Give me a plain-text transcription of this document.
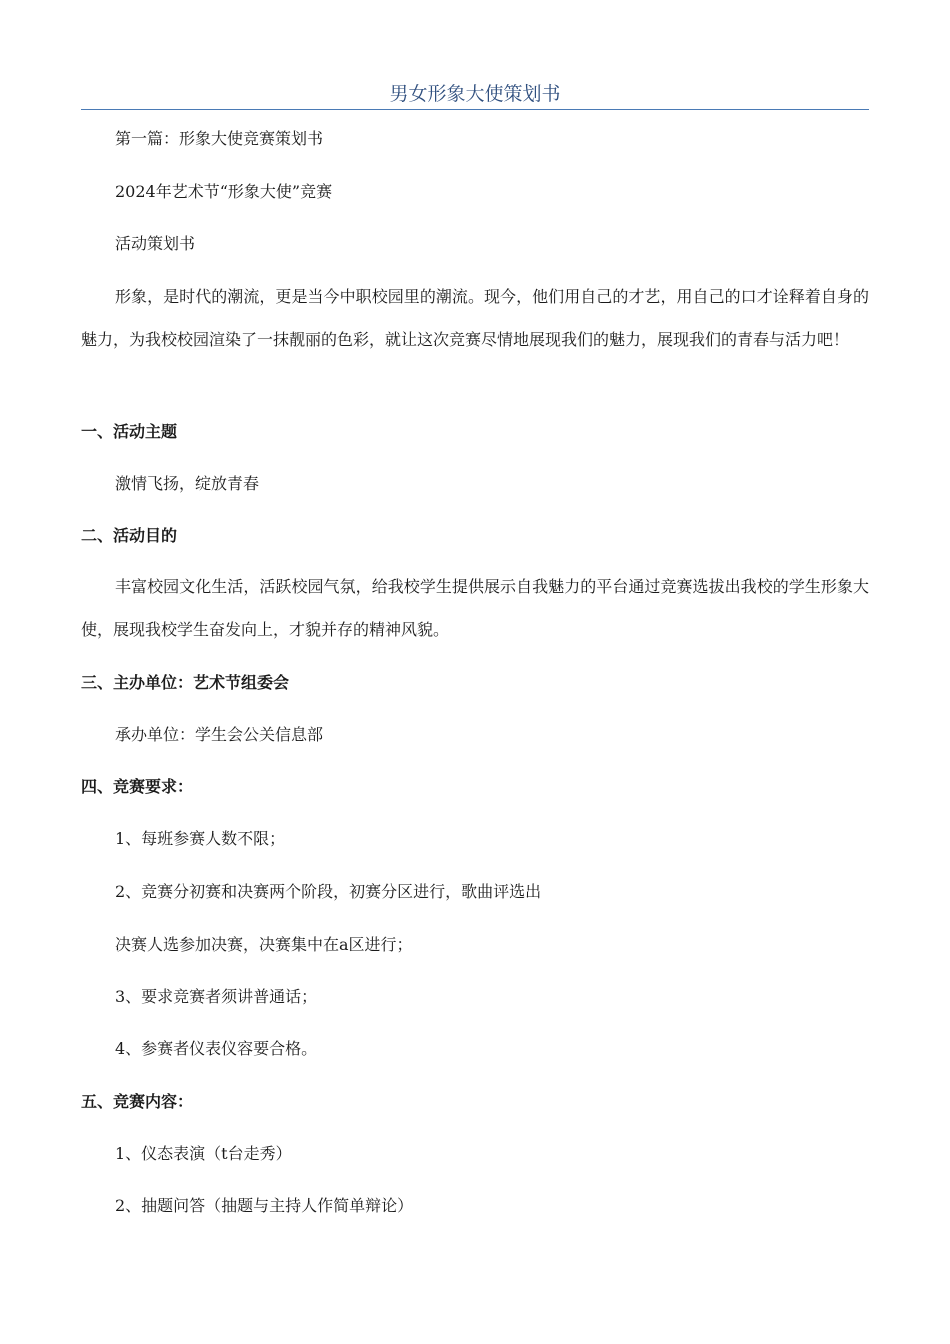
男女形象大使策划书
第一篇：形象大使竞赛策划书
2024年艺术节“形象大使”竞赛
活动策划书
形象，是时代的潮流，更是当今中职校园里的潮流。现今，他们用自己的才艺，用自己的口才诠释着自身的魅力，为我校校园渲染了一抹靓丽的色彩，就让这次竞赛尽情地展现我们的魅力，展现我们的青春与活力吧！
一、活动主题
激情飞扬，绽放青春
二、活动目的
丰富校园文化生活，活跃校园气氛，给我校学生提供展示自我魅力的平台通过竞赛选拔出我校的学生形象大使，展现我校学生奋发向上，才貌并存的精神风貌。
三、主办单位：艺术节组委会
承办单位：学生会公关信息部
四、竞赛要求：
1、每班参赛人数不限；
2、竞赛分初赛和决赛两个阶段，初赛分区进行，歌曲评选出
决赛人选参加决赛，决赛集中在a区进行；
3、要求竞赛者须讲普通话；
4、参赛者仪表仪容要合格。
五、竞赛内容：
1、仪态表演（t台走秀）
2、抽题问答（抽题与主持人作简单辩论）
